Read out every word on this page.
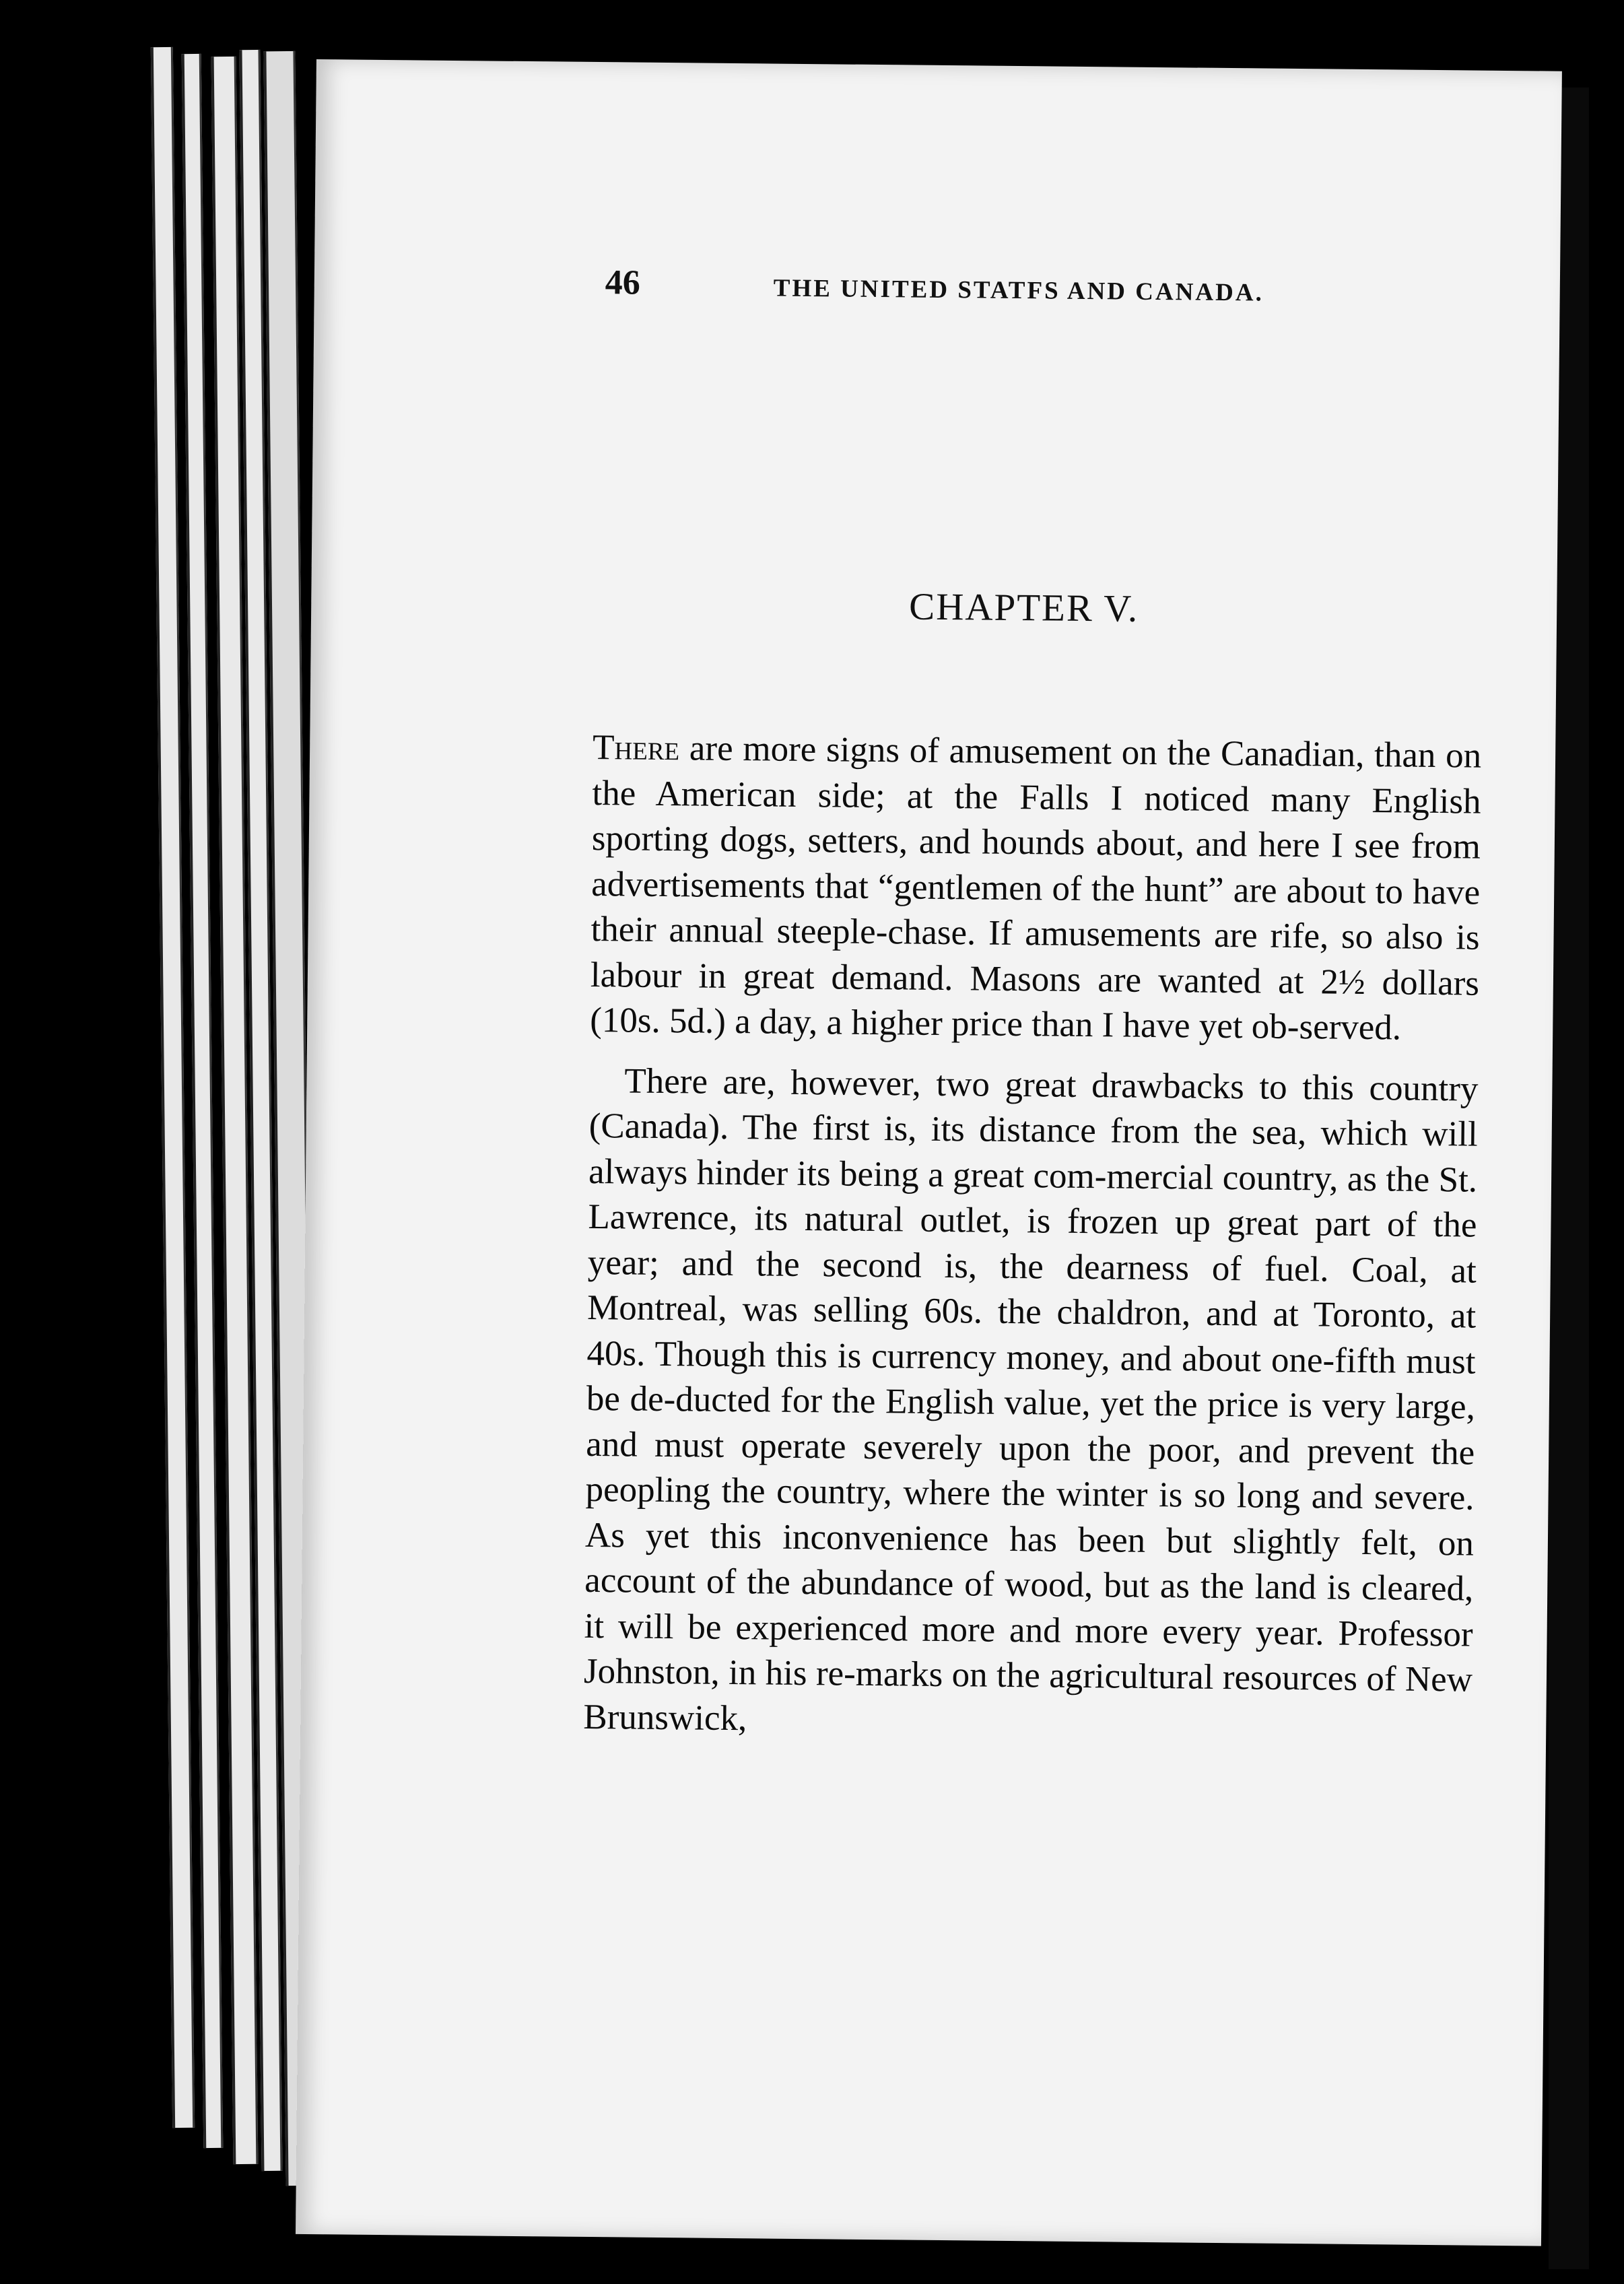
46	THE UNITED STATFS AND CANADA.
CHAPTER V.

There are more signs of amusement on the Canadian, than on the American side; at the Falls I noticed many English sporting dogs, setters, and hounds about, and here I see from advertisements that “gentlemen of the hunt” are about to have their annual steeple-chase. If amusements are rife, so also is labour in great demand. Masons are wanted at 2½ dollars (10s. 5d.) a day, a higher price than I have yet ob-served.

There are, however, two great drawbacks to this country (Canada). The first is, its distance from the sea, which will always hinder its being a great com-mercial country, as the St. Lawrence, its natural outlet, is frozen up great part of the year; and the second is, the dearness of fuel. Coal, at Montreal, was selling 60s. the chaldron, and at Toronto, at 40s. Though this is currency money, and about one-fifth must be de-ducted for the English value, yet the price is very large, and must operate severely upon the poor, and prevent the peopling the country, where the winter is so long and severe. As yet this inconvenience has been but slightly felt, on account of the abundance of wood, but as the land is cleared, it will be experienced more and more every year. Professor Johnston, in his re-marks on the agricultural resources of New Brunswick,
